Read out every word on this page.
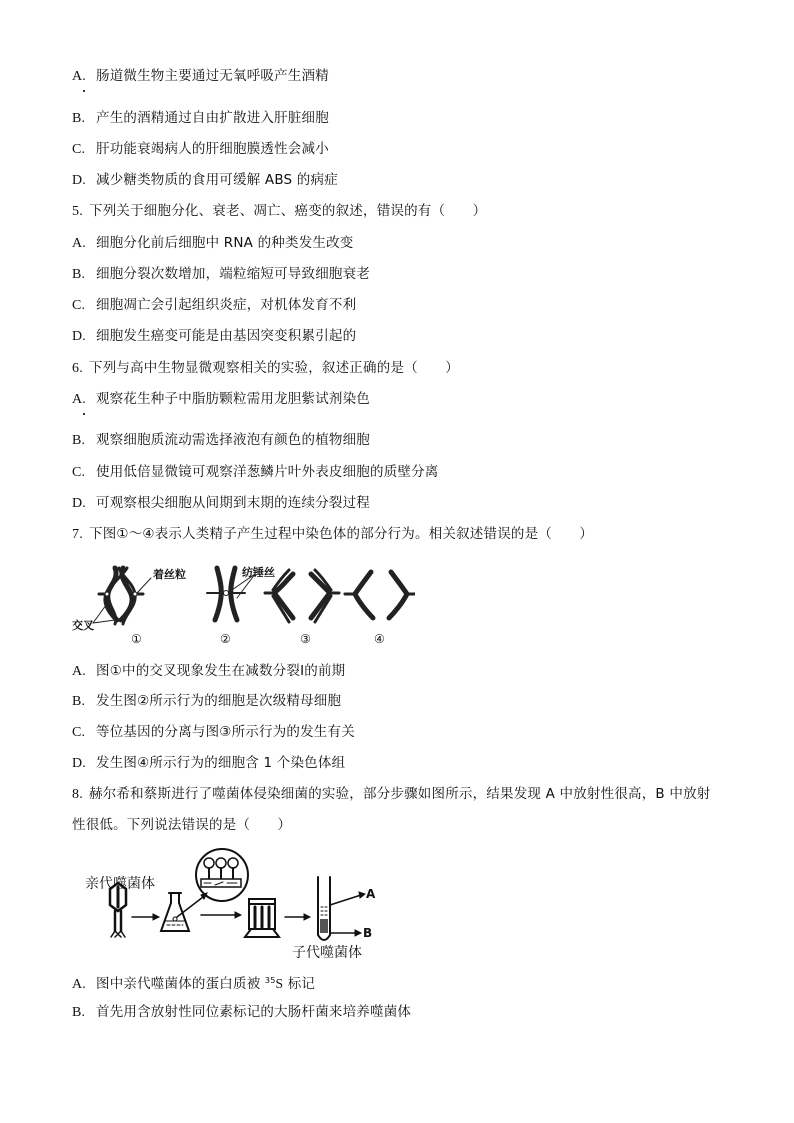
A. 肠道微生物主要通过无氧呼吸产生酒精
B. 产生的酒精通过自由扩散进入肝脏细胞
C. 肝功能衰竭病人的肝细胞膜透性会减小
D. 减少糖类物质的食用可缓解 ABS 的病症
5. 下列关于细胞分化、衰老、凋亡、癌变的叙述，错误的有（　　）
A. 细胞分化前后细胞中 RNA 的种类发生改变
B. 细胞分裂次数增加，端粒缩短可导致细胞衰老
C. 细胞凋亡会引起组织炎症，对机体发育不利
D. 细胞发生癌变可能是由基因突变积累引起的
6. 下列与高中生物显微观察相关的实验，叙述正确的是（　　）
A. 观察花生种子中脂肪颗粒需用龙胆紫试剂染色
B. 观察细胞质流动需选择液泡有颜色的植物细胞
C. 使用低倍显微镜可观察洋葱鳞片叶外表皮细胞的质壁分离
D. 可观察根尖细胞从间期到末期的连续分裂过程
7. 下图①～④表示人类精子产生过程中染色体的部分行为。相关叙述错误的是（　　）
着丝粒
交叉
纺锤丝
①	②	③	④
A. 图①中的交叉现象发生在减数分裂Ⅰ的前期
B. 发生图②所示行为的细胞是次级精母细胞
C. 等位基因的分离与图③所示行为的发生有关
D. 发生图④所示行为的细胞含 1 个染色体组
8. 赫尔希和蔡斯进行了噬菌体侵染细菌的实验，部分步骤如图所示，结果发现 A 中放射性很高，B 中放射
性很低。下列说法错误的是（　　）
亲代噬菌体
A
B
子代噬菌体
A. 图中亲代噬菌体的蛋白质被 $^{35}$S 标记
B. 首先用含放射性同位素标记的大肠杆菌来培养噬菌体
